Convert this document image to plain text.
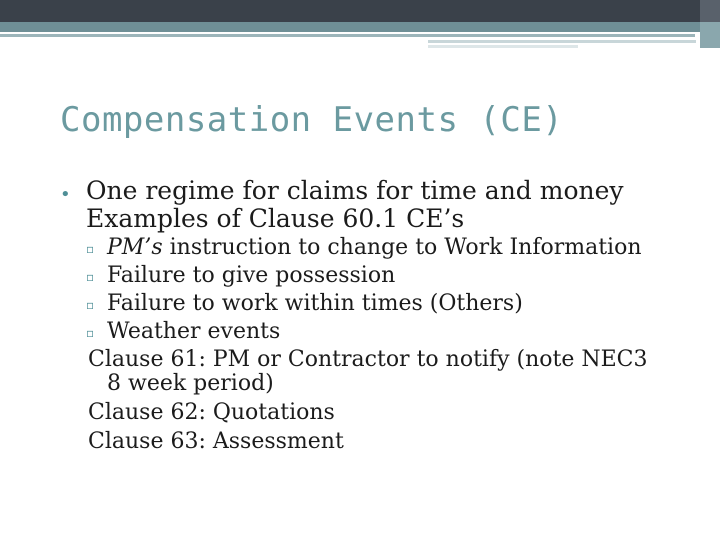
Compensation Events (CE)
• One regime for claims for time and money
Examples of Clause 60.1 CE’s
▫ PM’s instruction to change to Work Information
▫ Failure to give possession
▫ Failure to work within times (Others)
▫ Weather events
Clause 61: PM or Contractor to notify (note NEC3
8 week period)
Clause 62: Quotations
Clause 63: Assessment
